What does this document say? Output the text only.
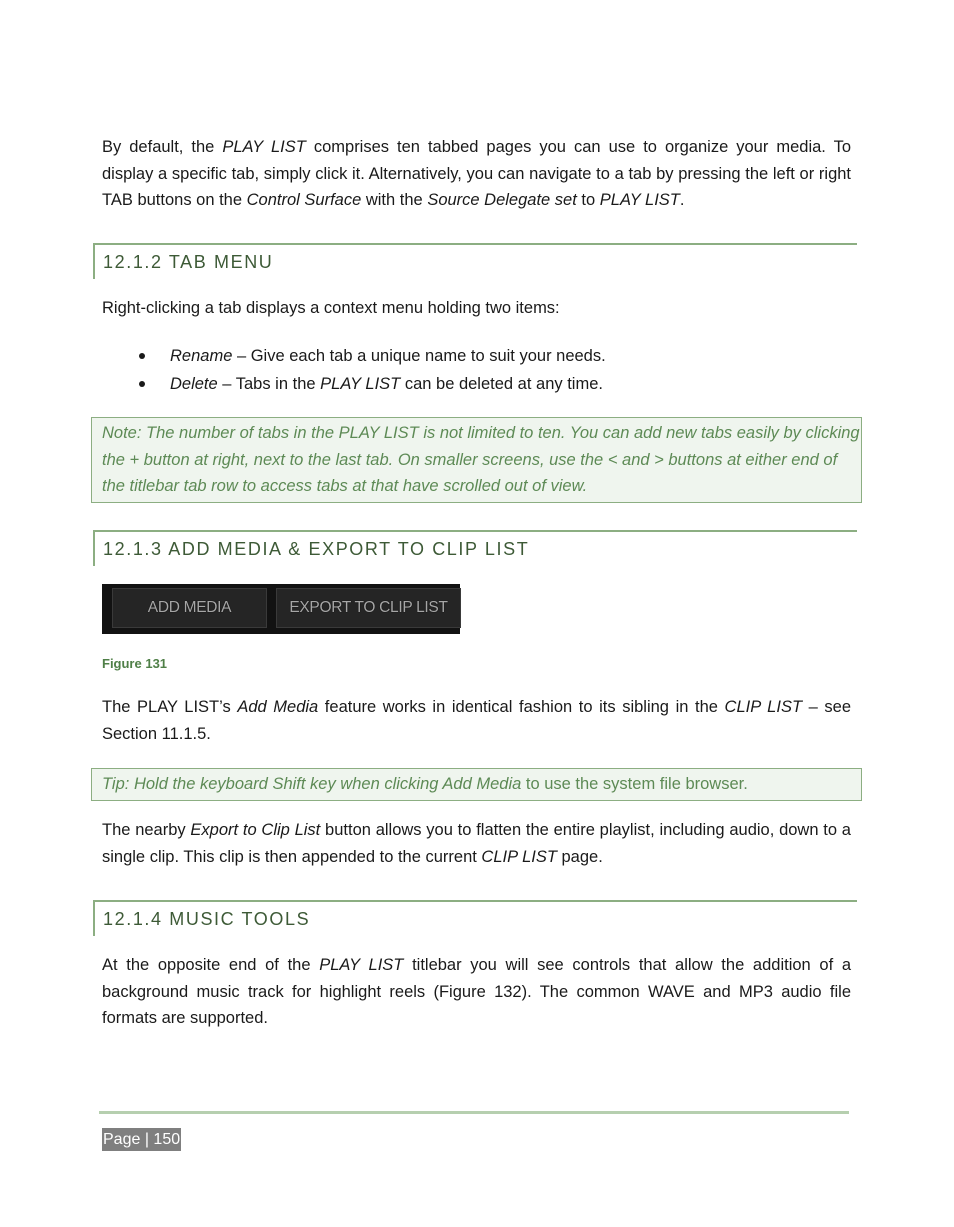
By default, the PLAY LIST comprises ten tabbed pages you can use to organize your media. To display a specific tab, simply click it. Alternatively, you can navigate to a tab by pressing the left or right TAB buttons on the Control Surface with the Source Delegate set to PLAY LIST.

12.1.2 TAB MENU

Right-clicking a tab displays a context menu holding two items:

Rename – Give each tab a unique name to suit your needs.
Delete – Tabs in the PLAY LIST can be deleted at any time.
Note: The number of tabs in the PLAY LIST is not limited to ten. You can add new tabs easily by clicking the + button at right, next to the last tab. On smaller screens, use the < and > buttons at either end of the titlebar tab row to access tabs at that have scrolled out of view.
12.1.3 ADD MEDIA & EXPORT TO CLIP LIST
ADD MEDIA	EXPORT TO CLIP LIST
Figure 131

The PLAY LIST’s Add Media feature works in identical fashion to its sibling in the CLIP LIST – see Section 11.1.5.

Tip: Hold the keyboard Shift key when clicking Add Media to use the system file browser.

The nearby Export to Clip List button allows you to flatten the entire playlist, including audio, down to a single clip. This clip is then appended to the current CLIP LIST page.

12.1.4 MUSIC TOOLS

At the opposite end of the PLAY LIST titlebar you will see controls that allow the addition of a background music track for highlight reels (Figure 132). The common WAVE and MP3 audio file formats are supported.

Page | 150
